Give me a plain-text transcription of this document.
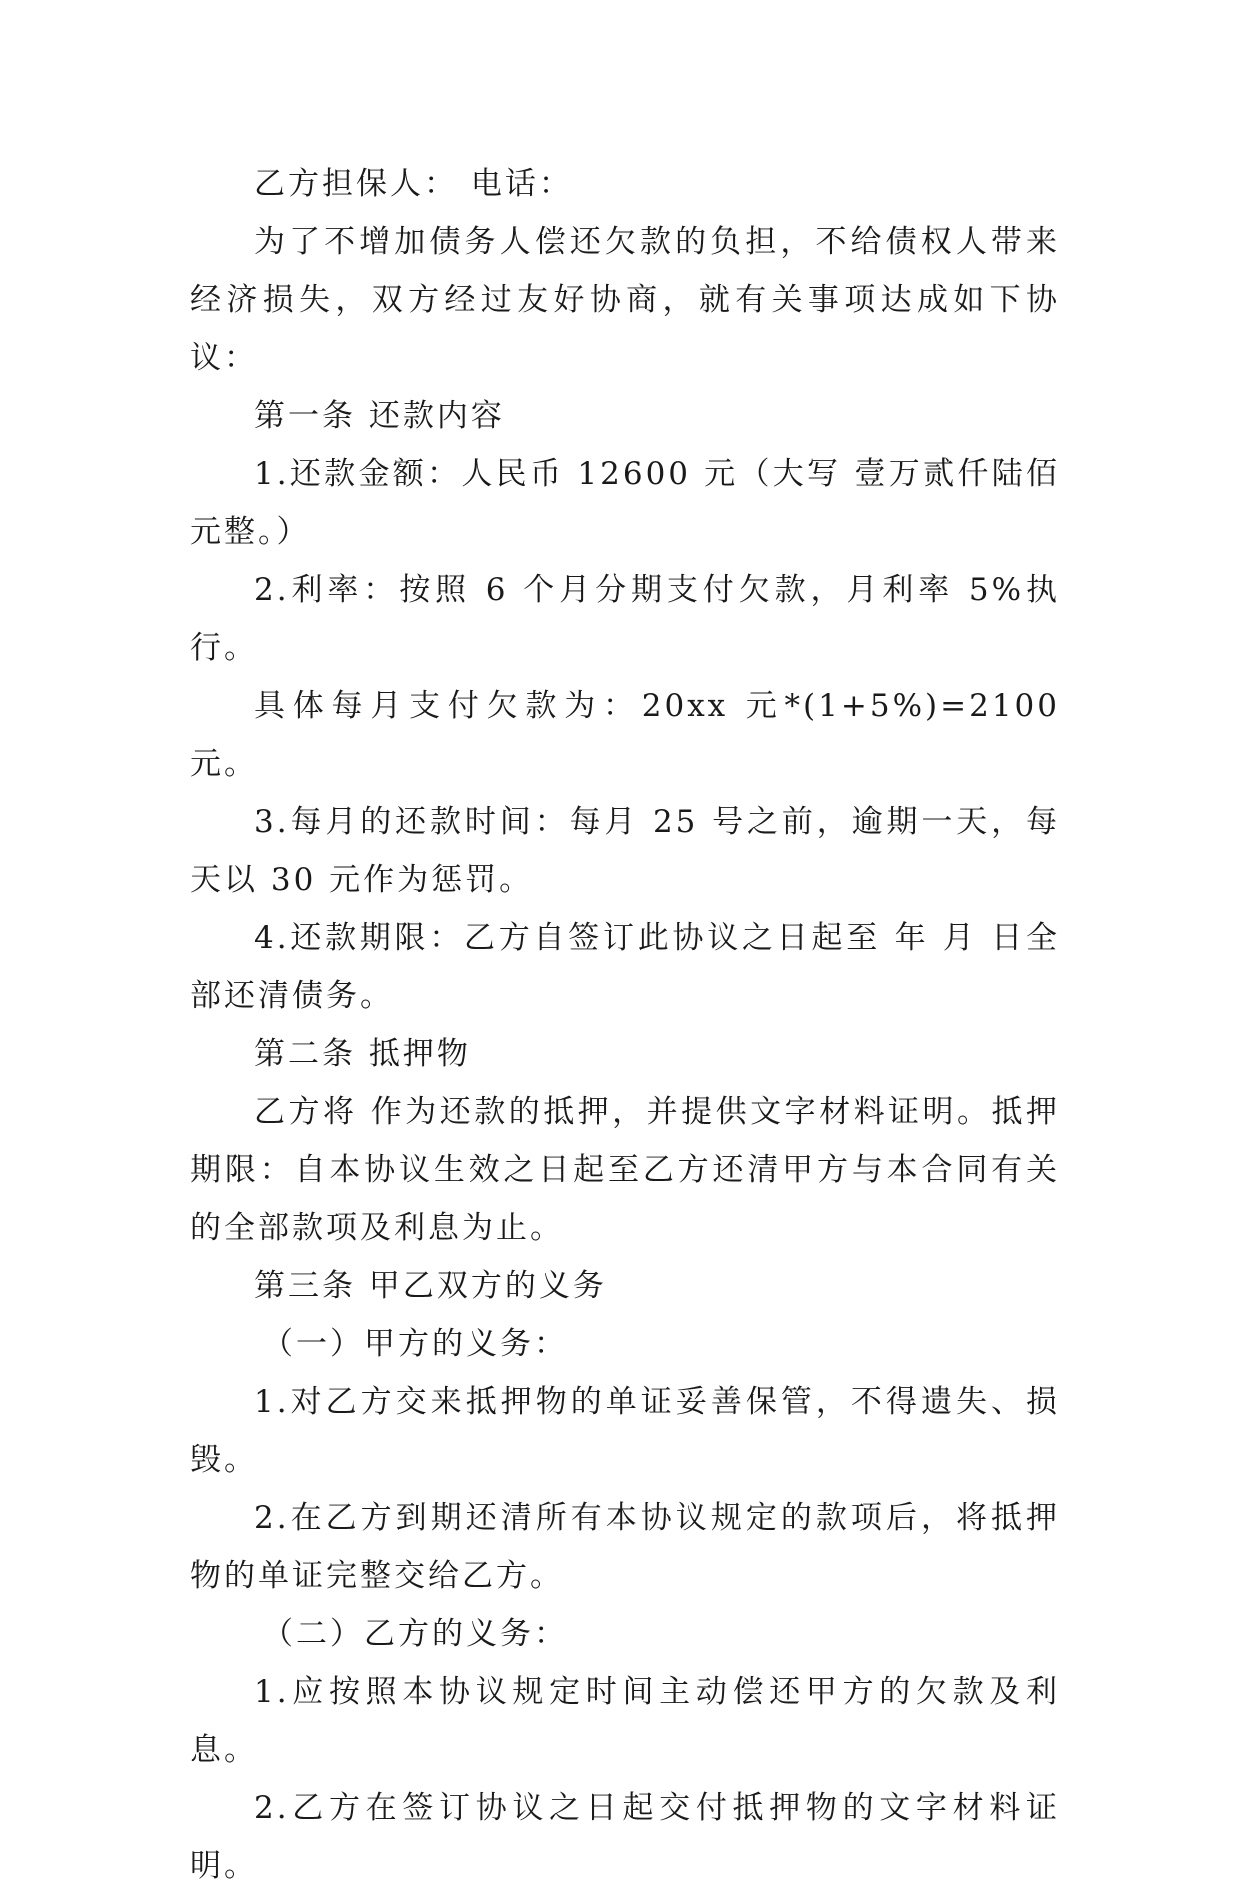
乙方担保人： 电话：

为了不增加债务人偿还欠款的负担，不给债权人带来经济损失，双方经过友好协商，就有关事项达成如下协议：

第一条 还款内容

1.还款金额：人民币 12600 元（大写 壹万贰仟陆佰元整。）

2.利率：按照 6 个月分期支付欠款，月利率 5%执行。

具体每月支付欠款为：20xx 元*(1+5%)=2100 元。

3.每月的还款时间：每月 25 号之前，逾期一天，每天以 30 元作为惩罚。

4.还款期限：乙方自签订此协议之日起至 年 月 日全部还清债务。

第二条 抵押物

乙方将 作为还款的抵押，并提供文字材料证明。抵押期限：自本协议生效之日起至乙方还清甲方与本合同有关的全部款项及利息为止。

第三条 甲乙双方的义务

（一）甲方的义务：

1.对乙方交来抵押物的单证妥善保管，不得遗失、损毁。

2.在乙方到期还清所有本协议规定的款项后，将抵押物的单证完整交给乙方。

（二）乙方的义务：

1.应按照本协议规定时间主动偿还甲方的欠款及利息。

2.乙方在签订协议之日起交付抵押物的文字材料证明。
